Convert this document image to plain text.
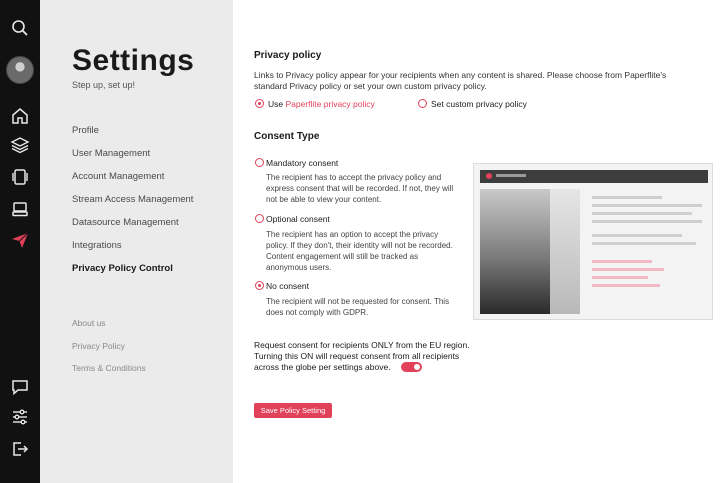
Settings
Step up, set up!
Profile
User Management
Account Management
Stream Access Management
Datasource Management
Integrations
Privacy Policy Control
About us
Privacy Policy
Terms & Conditions
Privacy policy
Links to Privacy policy appear for your recipients when any content is shared. Please choose from Paperflite's
standard Privacy policy or set your own custom privacy policy.
Use Paperflite privacy policy	Set custom privacy policy
Consent Type
Mandatory consent
The recipient has to accept the privacy policy and
express consent that will be recorded. If not, they will
not be able to view your content.
Optional consent
The recipient has an option to accept the privacy
policy. If they don't, their identity will not be recorded.
Content engagement will still be tracked as
anonymous users.
No consent
The recipient will not be requested for consent. This
does not comply with GDPR.
Request consent for recipients ONLY from the EU region.
Turning this ON will request consent from all recipients
across the globe per settings above.
Save Policy Setting
